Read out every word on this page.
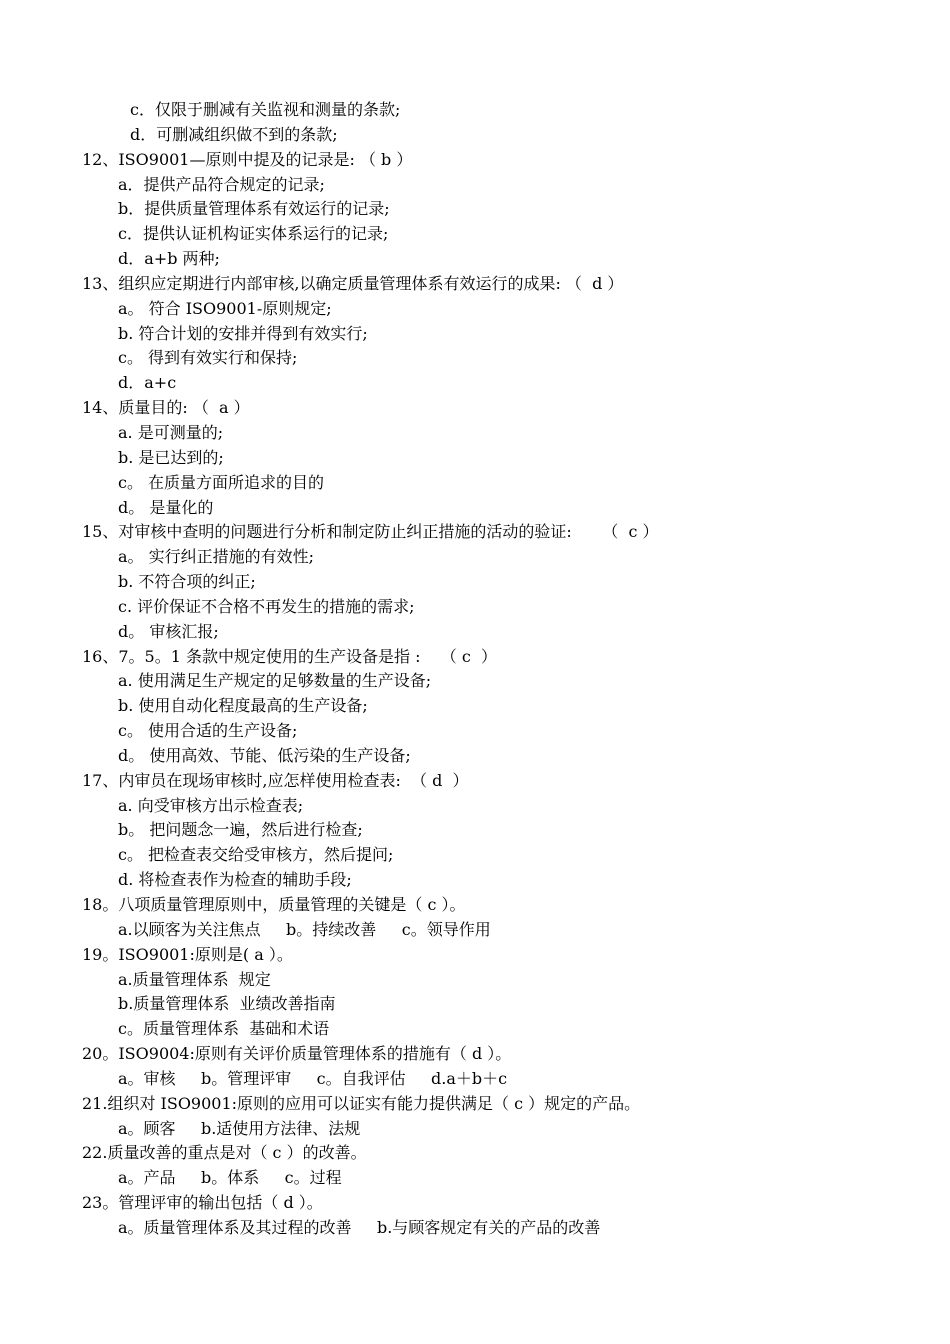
c．仅限于删减有关监视和测量的条款;
d．可删减组织做不到的条款;
12、ISO9001—原则中提及的记录是: （ b ）
a．提供产品符合规定的记录;
b．提供质量管理体系有效运行的记录;
c．提供认证机构证实体系运行的记录;
d．a+b 两种;
13、组织应定期进行内部审核,以确定质量管理体系有效运行的成果: （  d ）
a。 符合 ISO9001-原则规定;
b. 符合计划的安排并得到有效实行;
c。 得到有效实行和保持;
d．a+c
14、质量目的: （  a ）
a. 是可测量的;
b. 是已达到的;
c。 在质量方面所追求的目的
d。 是量化的
15、对审核中查明的问题进行分析和制定防止纠正措施的活动的验证:      （  c ）
a。 实行纠正措施的有效性;
b. 不符合项的纠正;
c. 评价保证不合格不再发生的措施的需求;
d。 审核汇报;
16、7。5。1 条款中规定使用的生产设备是指 :    （ c  ）
a. 使用满足生产规定的足够数量的生产设备;
b. 使用自动化程度最高的生产设备;
c。 使用合适的生产设备;
d。 使用高效、节能、低污染的生产设备;
17、内审员在现场审核时,应怎样使用检查表:  （ d  ）
a. 向受审核方出示检查表;
b。 把问题念一遍，然后进行检查;
c。 把检查表交给受审核方，然后提问;
d. 将检查表作为检查的辅助手段;
18。八项质量管理原则中，质量管理的关键是（ c ）。
a.以顾客为关注焦点     b。持续改善     c。领导作用
19。ISO9001:原则是( a ）。
a.质量管理体系  规定
b.质量管理体系  业绩改善指南
c。质量管理体系  基础和术语
20。ISO9004:原则有关评价质量管理体系的措施有（ d ）。
a。审核     b。管理评审     c。自我评估     d.a＋b＋c
21.组织对 ISO9001:原则的应用可以证实有能力提供满足（ c ）规定的产品。
a。顾客     b.适使用方法律、法规
22.质量改善的重点是对（ c ）的改善。
a。产品     b。体系     c。过程
23。管理评审的输出包括（ d ）。
a。质量管理体系及其过程的改善     b.与顾客规定有关的产品的改善
